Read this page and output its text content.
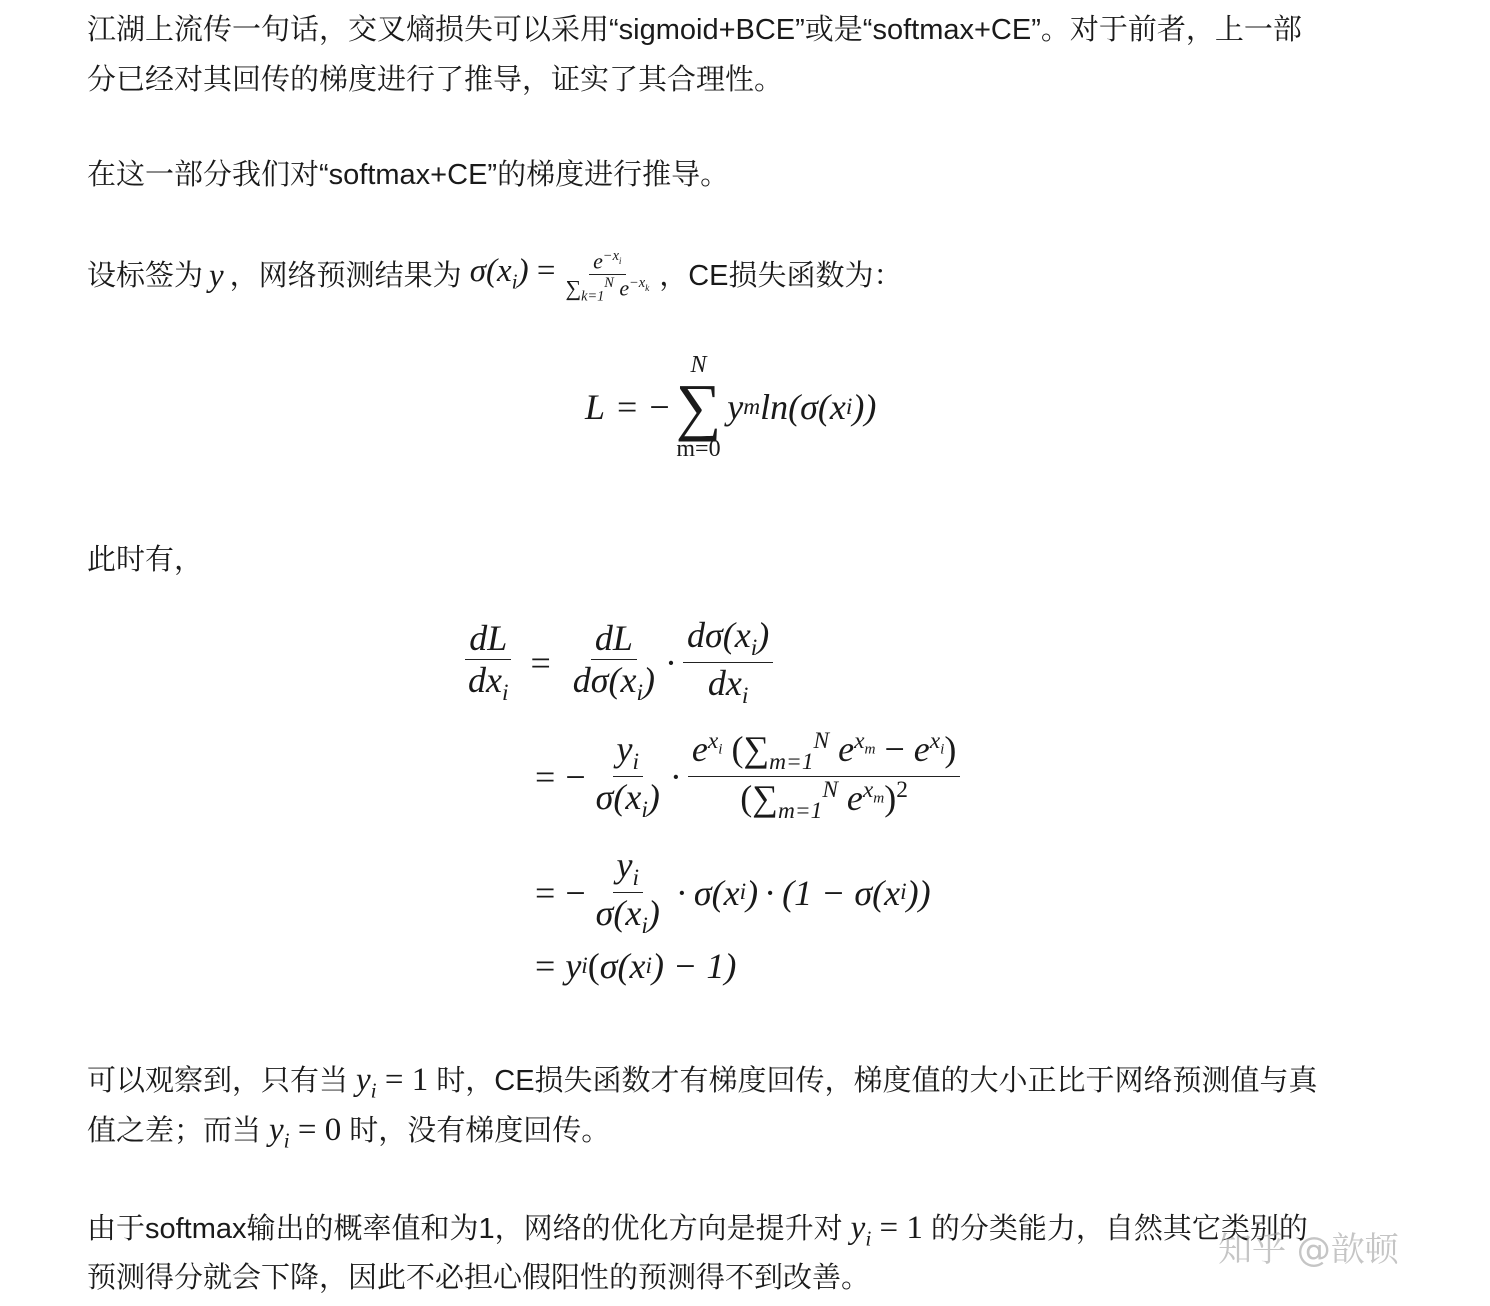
江湖上流传一句话，交叉熵损失可以采用“sigmoid+BCE”或是“softmax+CE”。对于前者，上一部
分已经对其回传的梯度进行了推导，证实了其合理性。
在这一部分我们对“softmax+CE”的梯度进行推导。
设标签为 y ，网络预测结果为 $\sigma(x_i) = \frac{e^{-x_i}}{\sum_{k=1}^N e^{-x_k}}$ ，CE损失函数为：
L = −
N
∑
m=0
y m ln(σ(x i ))
此时有，
$\frac{dL}{dx_i} = \frac{dL}{d\sigma(x_i)} \cdot \frac{d\sigma(x_i)}{dx_i}$
= − $\frac{y_i}{\sigma(x_i)} \cdot \frac{e^{x_i} (\sum_{m=1}^N e^{x_m} - e^{x_i})}{(\sum_{m=1}^N e^{x_m})^2}$
= − $\frac{y_i}{\sigma(x_i)} \cdot \sigma(x$ i ) · (1 − σ(x i ))
= y i ( σ(x i ) − 1)
可以观察到，只有当 $y_i = 1$ 时，CE损失函数才有梯度回传，梯度值的大小正比于网络预测值与真
值之差；而当 $y_i = 0$ 时，没有梯度回传。
由于softmax输出的概率值和为1，网络的优化方向是提升对 $y_i = 1$ 的分类能力，自然其它类别的
预测得分就会下降，因此不必担心假阳性的预测得不到改善。
知乎 @歆顿
